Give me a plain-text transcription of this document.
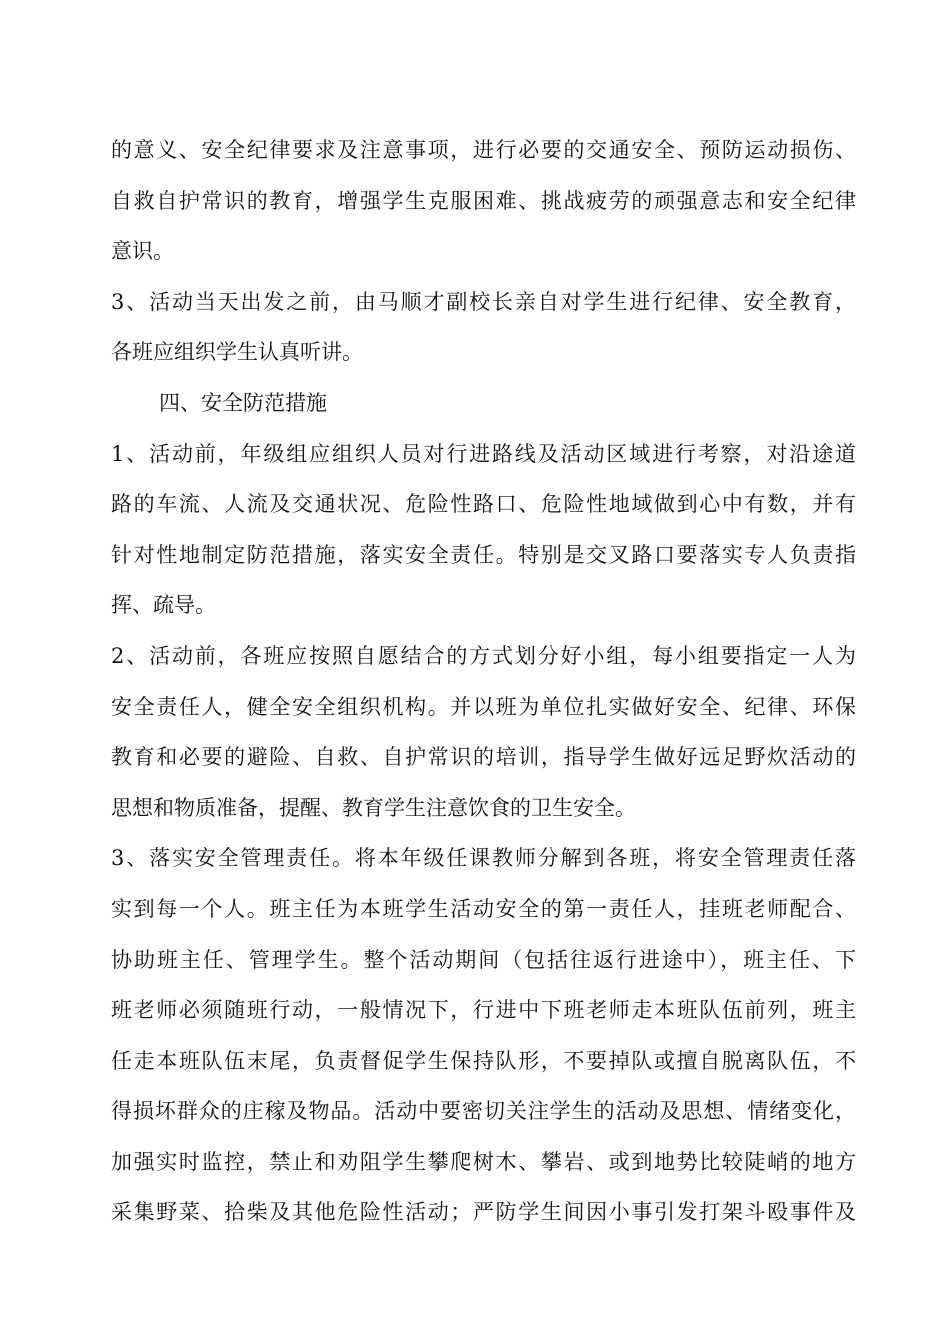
的意义、安全纪律要求及注意事项，进行必要的交通安全、预防运动损伤、
自救自护常识的教育，增强学生克服困难、挑战疲劳的顽强意志和安全纪律
意识。
3、活动当天出发之前，由马顺才副校长亲自对学生进行纪律、安全教育，
各班应组织学生认真听讲。
四、安全防范措施
1、活动前，年级组应组织人员对行进路线及活动区域进行考察，对沿途道
路的车流、人流及交通状况、危险性路口、危险性地域做到心中有数，并有
针对性地制定防范措施，落实安全责任。特别是交叉路口要落实专人负责指
挥、疏导。
2、活动前，各班应按照自愿结合的方式划分好小组，每小组要指定一人为
安全责任人，健全安全组织机构。并以班为单位扎实做好安全、纪律、环保
教育和必要的避险、自救、自护常识的培训，指导学生做好远足野炊活动的
思想和物质准备，提醒、教育学生注意饮食的卫生安全。
3、落实安全管理责任。将本年级任课教师分解到各班，将安全管理责任落
实到每一个人。班主任为本班学生活动安全的第一责任人，挂班老师配合、
协助班主任、管理学生。整个活动期间（包括往返行进途中），班主任、下
班老师必须随班行动，一般情况下，行进中下班老师走本班队伍前列，班主
任走本班队伍末尾，负责督促学生保持队形，不要掉队或擅自脱离队伍，不
得损坏群众的庄稼及物品。活动中要密切关注学生的活动及思想、情绪变化，
加强实时监控，禁止和劝阻学生攀爬树木、攀岩、或到地势比较陡峭的地方
采集野菜、拾柴及其他危险性活动；严防学生间因小事引发打架斗殴事件及
